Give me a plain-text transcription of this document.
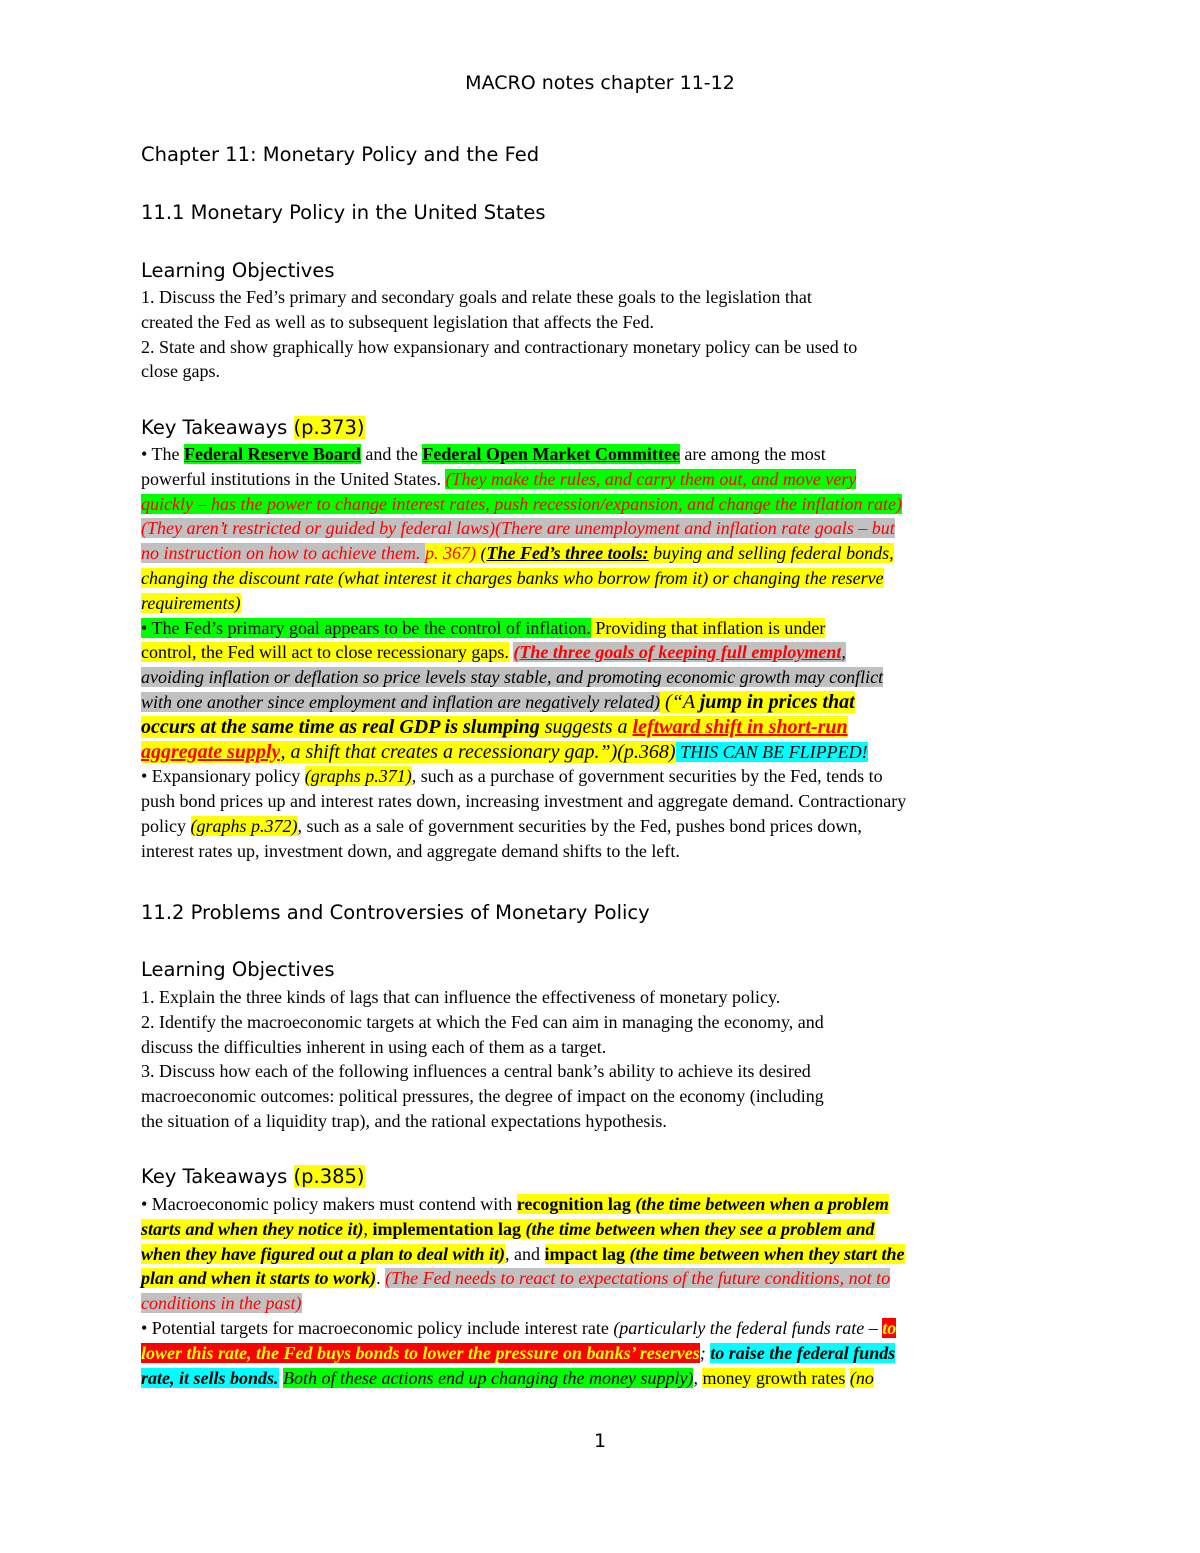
MACRO notes chapter 11-12
Chapter 11: Monetary Policy and the Fed
11.1 Monetary Policy in the United States
Learning Objectives
1. Discuss the Fed’s primary and secondary goals and relate these goals to the legislation that
created the Fed as well as to subsequent legislation that affects the Fed.
2. State and show graphically how expansionary and contractionary monetary policy can be used to
close gaps.
Key Takeaways (p.373)
• The Federal Reserve Board and the Federal Open Market Committee are among the most
powerful institutions in the United States. (They make the rules, and carry them out, and move very
quickly – has the power to change interest rates, push recession/expansion, and change the inflation rate)
(They aren’t restricted or guided by federal laws)(There are unemployment and inflation rate goals – but
no instruction on how to achieve them. p. 367) (The Fed’s three tools: buying and selling federal bonds,
changing the discount rate (what interest it charges banks who borrow from it) or changing the reserve
requirements)
• The Fed’s primary goal appears to be the control of inflation. Providing that inflation is under
control, the Fed will act to close recessionary gaps. (The three goals of keeping full employment,
avoiding inflation or deflation so price levels stay stable, and promoting economic growth may conflict
with one another since employment and inflation are negatively related) (“A jump in prices that
occurs at the same time as real GDP is slumping suggests a leftward shift in short-run
aggregate supply, a shift that creates a recessionary gap.”)(p.368) THIS CAN BE FLIPPED!
• Expansionary policy (graphs p.371), such as a purchase of government securities by the Fed, tends to
push bond prices up and interest rates down, increasing investment and aggregate demand. Contractionary
policy (graphs p.372), such as a sale of government securities by the Fed, pushes bond prices down,
interest rates up, investment down, and aggregate demand shifts to the left.
11.2 Problems and Controversies of Monetary Policy
Learning Objectives
1. Explain the three kinds of lags that can influence the effectiveness of monetary policy.
2. Identify the macroeconomic targets at which the Fed can aim in managing the economy, and
discuss the difficulties inherent in using each of them as a target.
3. Discuss how each of the following influences a central bank’s ability to achieve its desired
macroeconomic outcomes: political pressures, the degree of impact on the economy (including
the situation of a liquidity trap), and the rational expectations hypothesis.
Key Takeaways (p.385)
• Macroeconomic policy makers must contend with recognition lag (the time between when a problem
starts and when they notice it), implementation lag (the time between when they see a problem and
when they have figured out a plan to deal with it), and impact lag (the time between when they start the
plan and when it starts to work). (The Fed needs to react to expectations of the future conditions, not to
conditions in the past)
• Potential targets for macroeconomic policy include interest rate (particularly the federal funds rate – to
lower this rate, the Fed buys bonds to lower the pressure on banks’ reserves; to raise the federal funds
rate, it sells bonds. Both of these actions end up changing the money supply), money growth rates (no
1
